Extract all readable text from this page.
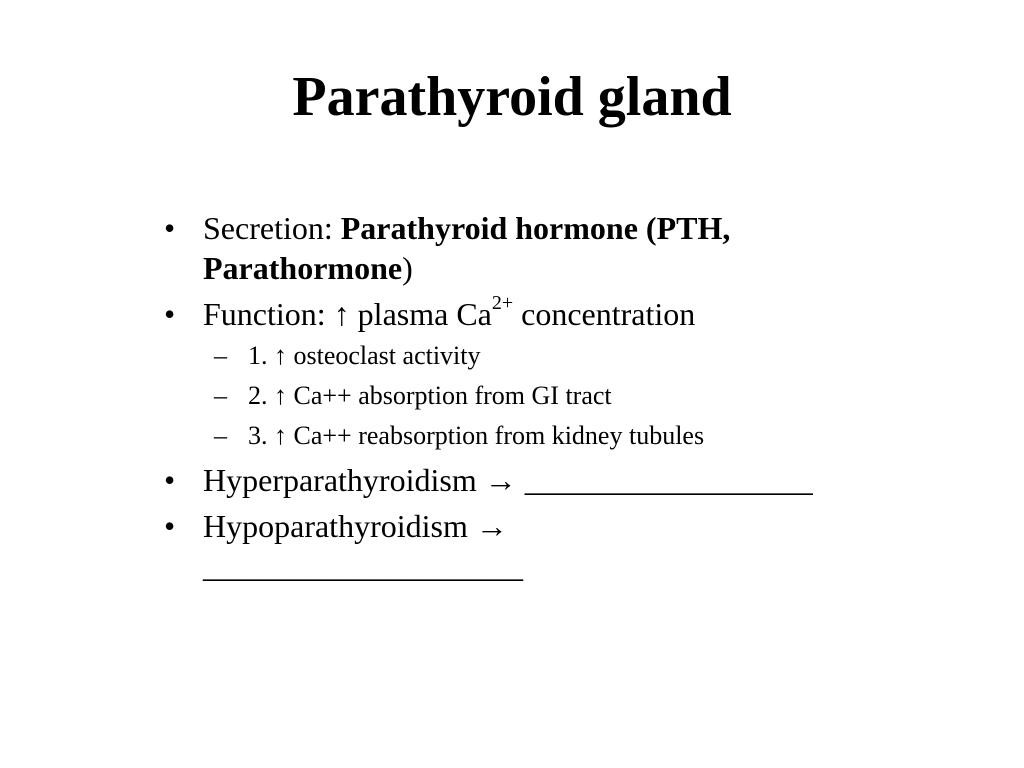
Parathyroid gland
• Secretion: Parathyroid hormone (PTH,
Parathormone)
• Function: ↑ plasma $Ca^{2+}$ concentration
– 1. ↑ osteoclast activity
– 2. ↑ Ca++ absorption from GI tract
– 3. ↑ Ca++ reabsorption from kidney tubules
• Hyperparathyroidism → __________________
• Hypoparathyroidism → ____________________
